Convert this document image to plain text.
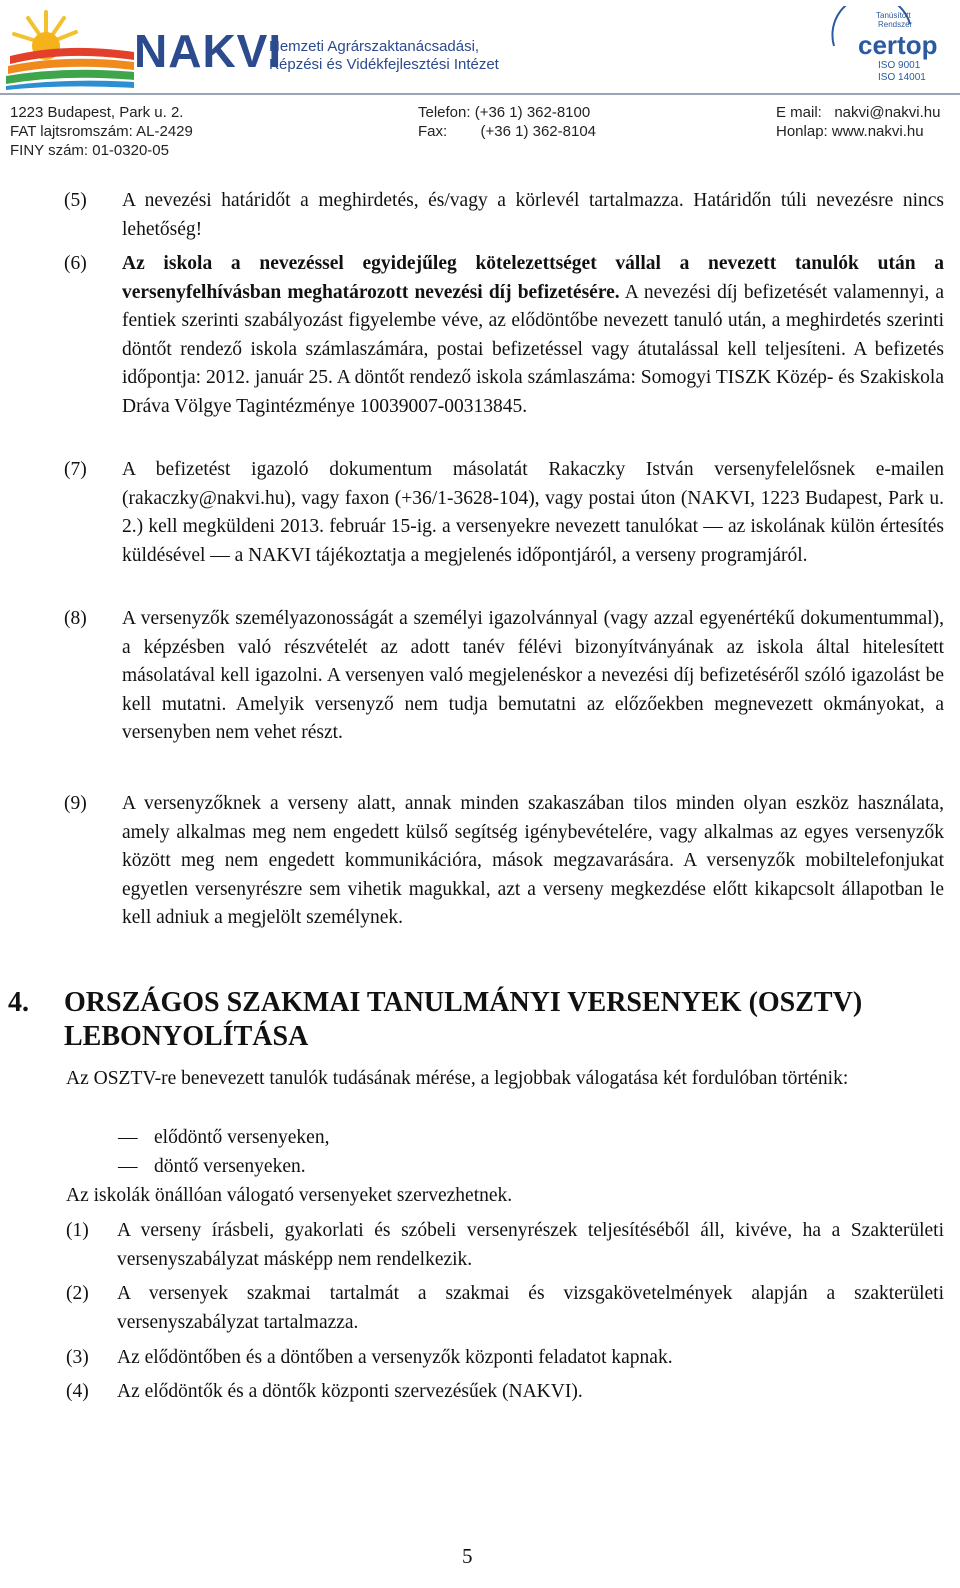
NAKVI
Nemzeti Agrárszaktanácsadási,
Képzési és Vidékfejlesztési Intézet
Tanúsított
Rendszer
certop
ISO 9001
ISO 14001
1223 Budapest, Park u. 2.
FAT lajtsromszám: AL-2429
FINY szám: 01-0320-05
Telefon: (+36 1) 362-8100
Fax:        (+36 1) 362-8104
E mail:   nakvi@nakvi.hu
Honlap: www.nakvi.hu
(5) A nevezési határidőt a meghirdetés, és/vagy a körlevél tartalmazza. Határidőn túli nevezésre nincs lehetőség!
(6) Az iskola a nevezéssel egyidejűleg kötelezettséget vállal a nevezett tanulók után a versenyfelhívásban meghatározott nevezési díj befizetésére. A nevezési díj befizetését valamennyi, a fentiek szerinti szabályozást figyelembe véve, az elődöntőbe nevezett tanuló után, a meghirdetés szerinti döntőt rendező iskola számlaszámára, postai befizetéssel vagy átutalással kell teljesíteni. A befizetés időpontja: 2012. január 25. A döntőt rendező iskola számlaszáma: Somogyi TISZK Közép- és Szakiskola Dráva Völgye Tagintézménye 10039007-00313845.
(7) A befizetést igazoló dokumentum másolatát Rakaczky István versenyfelelősnek e-mailen (rakaczky@nakvi.hu), vagy faxon (+36/1-3628-104), vagy postai úton (NAKVI, 1223 Budapest, Park u. 2.) kell megküldeni 2013. február 15-ig. a versenyekre nevezett tanulókat — az iskolának külön értesítés küldésével — a NAKVI tájékoztatja a megjelenés időpontjáról, a verseny programjáról.
(8) A versenyzők személyazonosságát a személyi igazolvánnyal (vagy azzal egyenértékű dokumentummal), a képzésben való részvételét az adott tanév félévi bizonyítványának az iskola által hitelesített másolatával kell igazolni. A versenyen való megjelenéskor a nevezési díj befizetéséről szóló igazolást be kell mutatni. Amelyik versenyző nem tudja bemutatni az előzőekben megnevezett okmányokat, a versenyben nem vehet részt.
(9) A versenyzőknek a verseny alatt, annak minden szakaszában tilos minden olyan eszköz használata, amely alkalmas meg nem engedett külső segítség igénybevételére, vagy alkalmas az egyes versenyzők között meg nem engedett kommunikációra, mások megzavarására. A versenyzők mobiltelefonjukat egyetlen versenyrészre sem vihetik magukkal, azt a verseny megkezdése előtt kikapcsolt állapotban le kell adniuk a megjelölt személynek.
4. ORSZÁGOS SZAKMAI TANULMÁNYI VERSENYEK (OSZTV) LEBONYOLÍTÁSA
Az OSZTV-re benevezett tanulók tudásának mérése, a legjobbak válogatása két fordulóban történik:
— elődöntő versenyeken,
— döntő versenyeken.
Az iskolák önállóan válogató versenyeket szervezhetnek.
(1) A verseny írásbeli, gyakorlati és szóbeli versenyrészek teljesítéséből áll, kivéve, ha a Szakterületi versenyszabályzat másképp nem rendelkezik.
(2) A versenyek szakmai tartalmát a szakmai és vizsgakövetelmények alapján a szakterületi versenyszabályzat tartalmazza.
(3) Az elődöntőben és a döntőben a versenyzők központi feladatot kapnak.
(4) Az elődöntők és a döntők központi szervezésűek (NAKVI).
5
